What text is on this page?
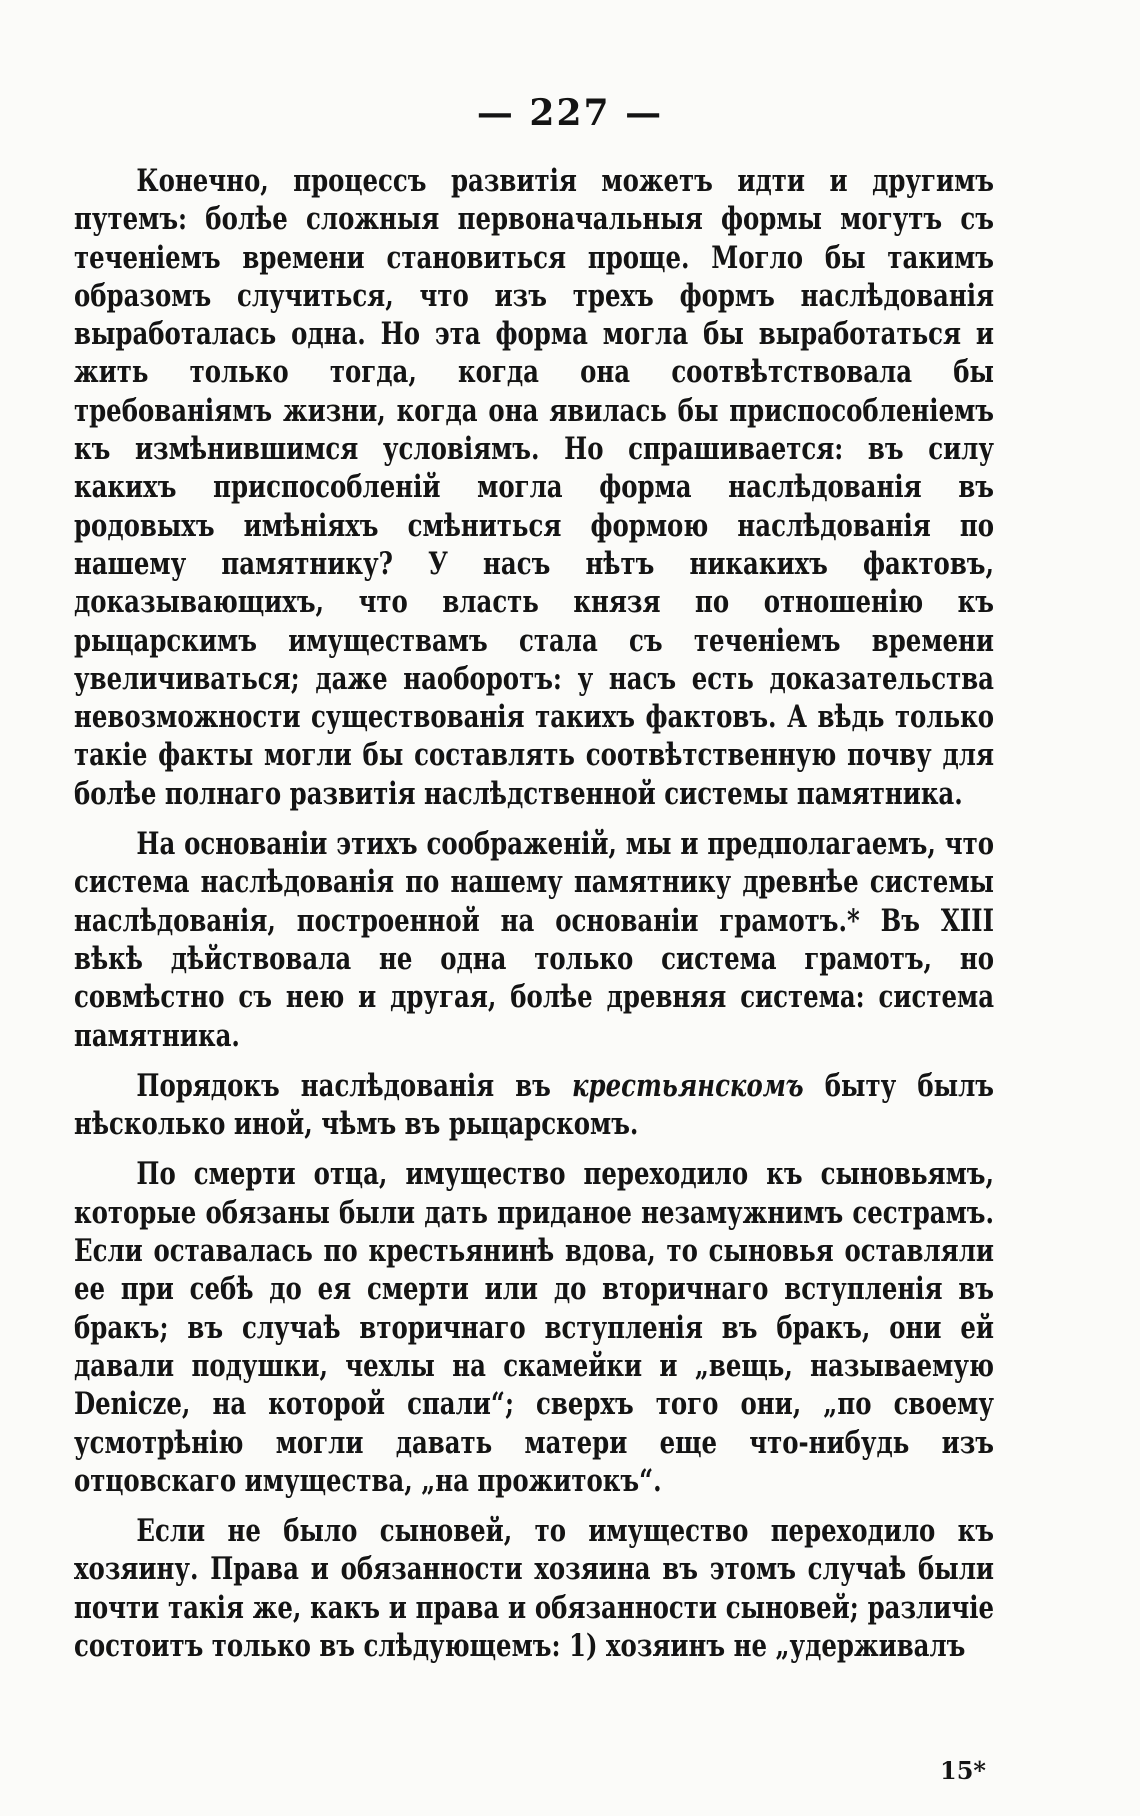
— 227 —

Конечно, процессъ развитія можетъ идти и другимъ путемъ: болѣе сложныя первоначальныя формы могутъ съ теченіемъ времени становиться проще. Могло бы такимъ образомъ случиться, что изъ трехъ формъ наслѣдованія выработалась одна. Но эта форма могла бы выработаться и жить только тогда, когда она соотвѣтствовала бы требованіямъ жизни, когда она явилась бы приспособленіемъ къ измѣнившимся условіямъ. Но спрашивается: въ силу какихъ приспособленій могла форма наслѣдованія въ родовыхъ имѣніяхъ смѣниться формою наслѣдованія по нашему памятнику? У насъ нѣтъ никакихъ фактовъ, доказывающихъ, что власть князя по отношенію къ рыцарскимъ имуществамъ стала съ теченіемъ времени увеличиваться; даже наоборотъ: у насъ есть доказательства невозможности существованія такихъ фактовъ. А вѣдь только такіе факты могли бы составлять соотвѣтственную почву для болѣе полнаго развитія наслѣдственной системы памятника.

На основаніи этихъ соображеній, мы и предполагаемъ, что система наслѣдованія по нашему памятнику древнѣе системы наслѣдованія, построенной на основаніи грамотъ.* Въ XIII вѣкѣ дѣйствовала не одна только система грамотъ, но совмѣстно съ нею и другая, болѣе древняя система: система памятника.

Порядокъ наслѣдованія въ крестьянскомъ быту былъ нѣсколько иной, чѣмъ въ рыцарскомъ.

По смерти отца, имущество переходило къ сыновьямъ, которые обязаны были дать приданое незамужнимъ сестрамъ. Если оставалась по крестьянинѣ вдова, то сыновья оставляли ее при себѣ до ея смерти или до вторичнаго вступленія въ бракъ; въ случаѣ вторичнаго вступленія въ бракъ, они ей давали подушки, чехлы на скамейки и „вещь, называемую Denicze, на которой спали“; сверхъ того они, „по своему усмотрѣнію могли давать матери еще что-нибудь изъ отцовскаго имущества, „на прожитокъ“.

Если не было сыновей, то имущество переходило къ хозяину. Права и обязанности хозяина въ этомъ случаѣ были почти такія же, какъ и права и обязанности сыновей; различіе состоитъ только въ слѣдующемъ: 1) хозяинъ не „удерживалъ

15*
